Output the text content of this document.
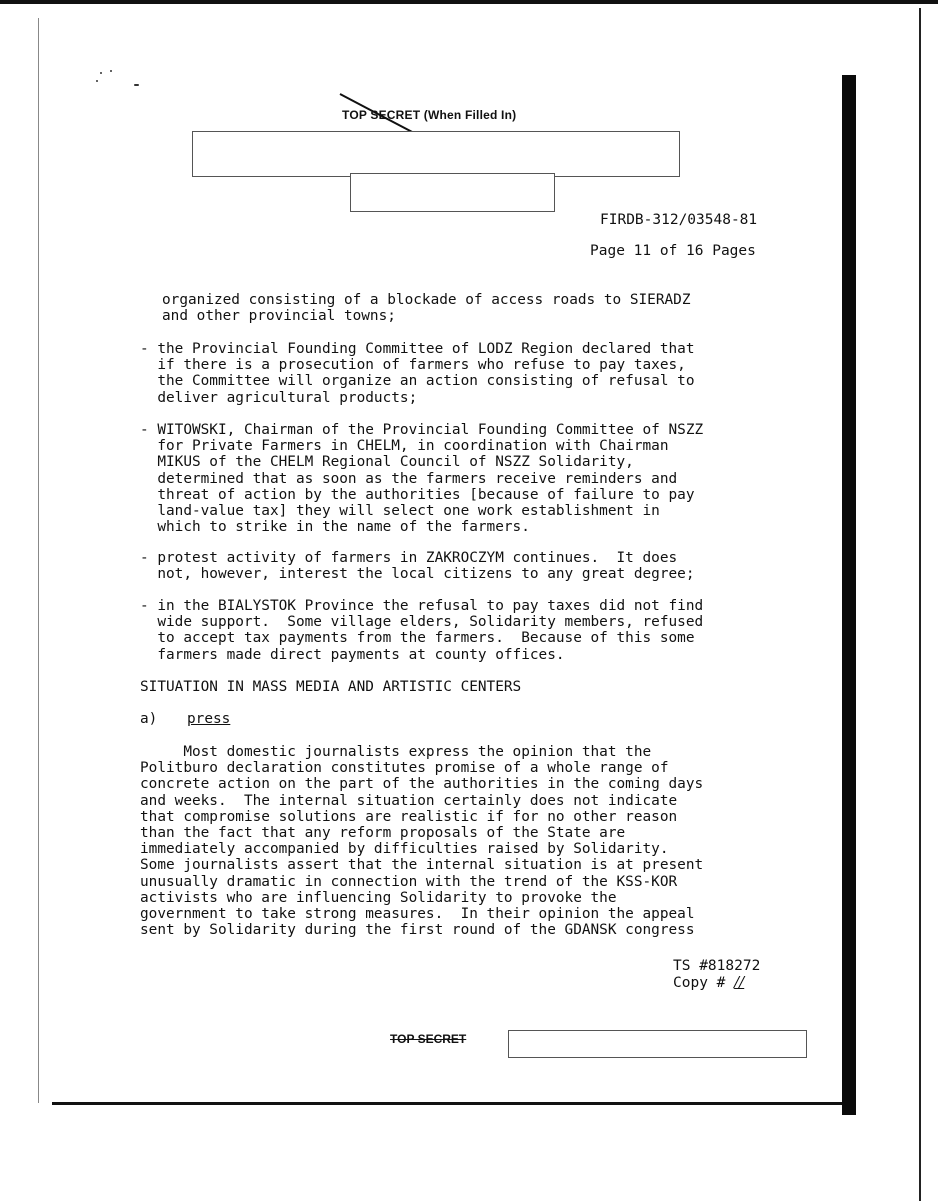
TOP SECRET (When Filled In)
FIRDB-312/03548-81
Page 11 of 16 Pages
organized consisting of a blockade of access roads to SIERADZ
and other provincial towns;
- the Provincial Founding Committee of LODZ Region declared that
if there is a prosecution of farmers who refuse to pay taxes,
the Committee will organize an action consisting of refusal to
deliver agricultural products;
- WITOWSKI, Chairman of the Provincial Founding Committee of NSZZ
for Private Farmers in CHELM, in coordination with Chairman
MIKUS of the CHELM Regional Council of NSZZ Solidarity,
determined that as soon as the farmers receive reminders and
threat of action by the authorities [because of failure to pay
land-value tax] they will select one work establishment in
which to strike in the name of the farmers.
- protest activity of farmers in ZAKROCZYM continues.  It does
not, however, interest the local citizens to any great degree;
- in the BIALYSTOK Province the refusal to pay taxes did not find
wide support.  Some village elders, Solidarity members, refused
to accept tax payments from the farmers.  Because of this some
farmers made direct payments at county offices.
SITUATION IN MASS MEDIA AND ARTISTIC CENTERS
a) press
Most domestic journalists express the opinion that the
Politburo declaration constitutes promise of a whole range of
concrete action on the part of the authorities in the coming days
and weeks.  The internal situation certainly does not indicate
that compromise solutions are realistic if for no other reason
than the fact that any reform proposals of the State are
immediately accompanied by difficulties raised by Solidarity.
Some journalists assert that the internal situation is at present
unusually dramatic in connection with the trend of the KSS-KOR
activists who are influencing Solidarity to provoke the
government to take strong measures.  In their opinion the appeal
sent by Solidarity during the first round of the GDANSK congress
TS #818272
Copy # //
TOP SECRET
